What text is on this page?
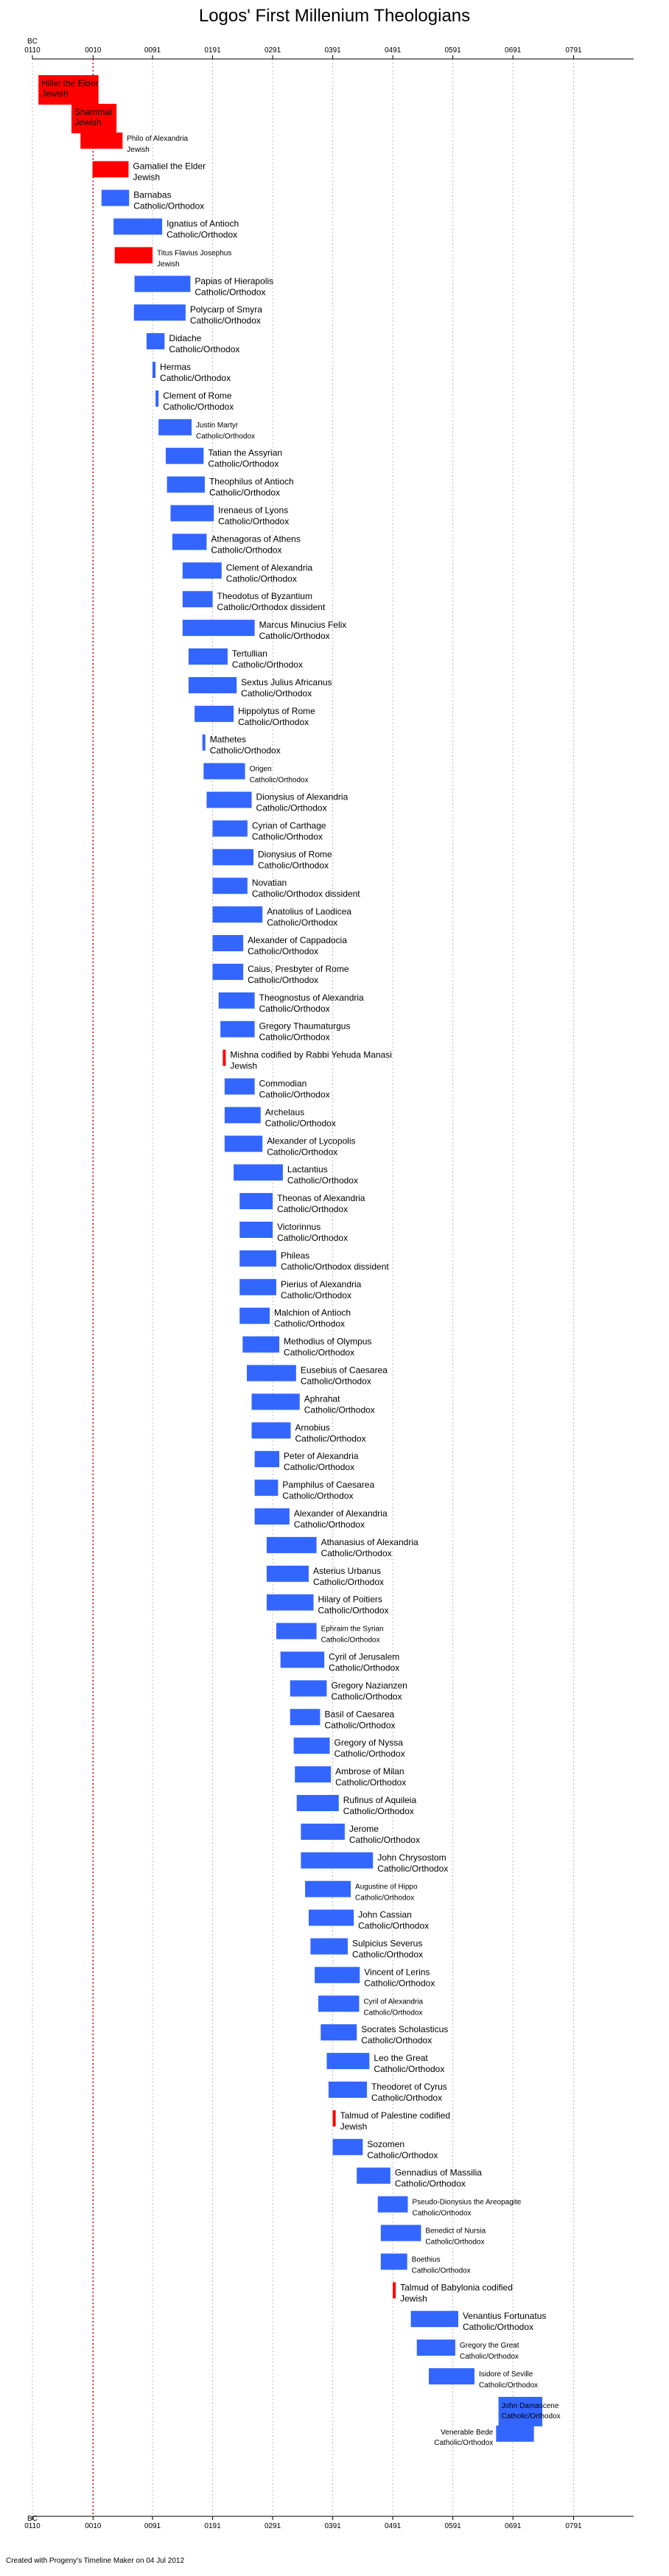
Logos' First Millenium Theologians
0110	0010	0091	0191	0291	0391	0491	0591	0691	0791
BC
0110	0010	0091	0191	0291	0391	0491	0591	0691	0791
BC
Hillel the Elder
Jewish
Shammai
Jewish
Philo of Alexandria
Jewish
Gamaliel the Elder
Jewish
Barnabas
Catholic/Orthodox
Ignatius of Antioch
Catholic/Orthodox
Titus Flavius Josephus
Jewish
Papias of Hierapolis
Catholic/Orthodox
Polycarp of Smyra
Catholic/Orthodox
Didache
Catholic/Orthodox
Hermas
Catholic/Orthodox
Clement of Rome
Catholic/Orthodox
Justin Martyr
Catholic/Orthodox
Tatian the Assyrian
Catholic/Orthodox
Theophilus of Antioch
Catholic/Orthodox
Irenaeus of Lyons
Catholic/Orthodox
Athenagoras of Athens
Catholic/Orthodox
Clement of Alexandria
Catholic/Orthodox
Theodotus of Byzantium
Catholic/Orthodox dissident
Marcus Minucius Felix
Catholic/Orthodox
Tertullian
Catholic/Orthodox
Sextus Julius Africanus
Catholic/Orthodox
Hippolytus of Rome
Catholic/Orthodox
Mathetes
Catholic/Orthodox
Origen
Catholic/Orthodox
Dionysius of Alexandria
Catholic/Orthodox
Cyrian of Carthage
Catholic/Orthodox
Dionysius of Rome
Catholic/Orthodox
Novatian
Catholic/Orthodox dissident
Anatolius of Laodicea
Catholic/Orthodox
Alexander of Cappadocia
Catholic/Orthodox
Caius, Presbyter of Rome
Catholic/Orthodox
Theognostus of Alexandria
Catholic/Orthodox
Gregory Thaumaturgus
Catholic/Orthodox
Mishna codified by Rabbi Yehuda Manasi
Jewish
Commodian
Catholic/Orthodox
Archelaus
Catholic/Orthodox
Alexander of Lycopolis
Catholic/Orthodox
Lactantius
Catholic/Orthodox
Theonas of Alexandria
Catholic/Orthodox
Victorinnus
Catholic/Orthodox
Phileas
Catholic/Orthodox dissident
Pierius of Alexandria
Catholic/Orthodox
Malchion of Antioch
Catholic/Orthodox
Methodius of Olympus
Catholic/Orthodox
Eusebius of Caesarea
Catholic/Orthodox
Aphrahat
Catholic/Orthodox
Arnobius
Catholic/Orthodox
Peter of Alexandria
Catholic/Orthodox
Pamphilus of Caesarea
Catholic/Orthodox
Alexander of Alexandria
Catholic/Orthodox
Athanasius of Alexandria
Catholic/Orthodox
Asterius Urbanus
Catholic/Orthodox
Hilary of Poitiers
Catholic/Orthodox
Ephraim the Syrian
Catholic/Orthodox
Cyril of Jerusalem
Catholic/Orthodox
Gregory Nazianzen
Catholic/Orthodox
Basil of Caesarea
Catholic/Orthodox
Gregory of Nyssa
Catholic/Orthodox
Ambrose of Milan
Catholic/Orthodox
Rufinus of Aquileia
Catholic/Orthodox
Jerome
Catholic/Orthodox
John Chrysostom
Catholic/Orthodox
Augustine of Hippo
Catholic/Orthodox
John Cassian
Catholic/Orthodox
Sulpicius Severus
Catholic/Orthodox
Vincent of Lerins
Catholic/Orthodox
Cyril of Alexandria
Catholic/Orthodox
Socrates Scholasticus
Catholic/Orthodox
Leo the Great
Catholic/Orthodox
Theodoret of Cyrus
Catholic/Orthodox
Talmud of Palestine codified
Jewish
Sozomen
Catholic/Orthodox
Gennadius of Massilia
Catholic/Orthodox
Pseudo-Dionysius the Areopagite
Catholic/Orthodox
Benedict of Nursia
Catholic/Orthodox
Boethius
Catholic/Orthodox
Talmud of Babylonia codified
Jewish
Venantius Fortunatus
Catholic/Orthodox
Gregory the Great
Catholic/Orthodox
Isidore of Seville
Catholic/Orthodox
John Damascene
Catholic/Orthodox
Venerable Bede
Catholic/Orthodox
Created with Progeny's Timeline Maker on 04 Jul 2012
